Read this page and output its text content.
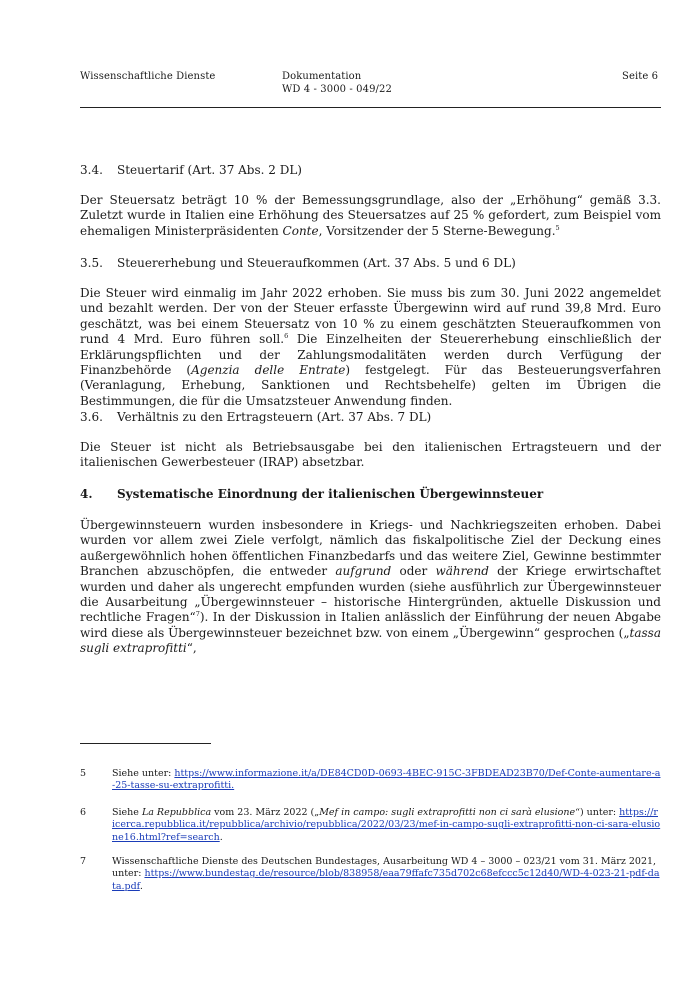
Wissenschaftliche Dienste	Dokumentation
WD 4 - 3000 - 049/22
Seite 6
3.4. Steuertarif (Art. 37 Abs. 2 DL)
Der Steuersatz beträgt 10 % der Bemessungsgrundlage, also der „Erhöhung“ gemäß 3.3. Zuletzt wurde in Italien eine Erhöhung des Steuersatzes auf 25 % gefordert, zum Beispiel vom ehemaligen Ministerpräsidenten Conte, Vorsitzender der 5 Sterne-Bewegung.$^5$
3.5. Steuererhebung und Steueraufkommen (Art. 37 Abs. 5 und 6 DL)
Die Steuer wird einmalig im Jahr 2022 erhoben. Sie muss bis zum 30. Juni 2022 angemeldet und bezahlt werden. Der von der Steuer erfasste Übergewinn wird auf rund 39,8 Mrd. Euro geschätzt, was bei einem Steuersatz von 10 % zu einem geschätzten Steueraufkommen von rund 4 Mrd. Euro führen soll.$^6$ Die Einzelheiten der Steuererhebung einschließlich der Erklärungspflichten und der Zahlungsmodalitäten werden durch Verfügung der Finanzbehörde (Agenzia delle Entrate) festgelegt. Für das Besteuerungsverfahren (Veranlagung, Erhebung, Sanktionen und Rechtsbehelfe) gelten im Übrigen die Bestimmungen, die für die Umsatzsteuer Anwendung finden.
3.6. Verhältnis zu den Ertragsteuern (Art. 37 Abs. 7 DL)
Die Steuer ist nicht als Betriebsausgabe bei den italienischen Ertragsteuern und der italienischen Gewerbesteuer (IRAP) absetzbar.
4. Systematische Einordnung der italienischen Übergewinnsteuer
Übergewinnsteuern wurden insbesondere in Kriegs- und Nachkriegszeiten erhoben. Dabei wurden vor allem zwei Ziele verfolgt, nämlich das fiskalpolitische Ziel der Deckung eines außergewöhnlich hohen öffentlichen Finanzbedarfs und das weitere Ziel, Gewinne bestimmter Branchen abzuschöpfen, die entweder aufgrund oder während der Kriege erwirtschaftet wurden und daher als ungerecht empfunden wurden (siehe ausführlich zur Übergewinnsteuer die Ausarbeitung „Übergewinnsteuer – historische Hintergründen, aktuelle Diskussion und rechtliche Fragen“$^7$). In der Diskussion in Italien anlässlich der Einführung der neuen Abgabe wird diese als Übergewinnsteuer bezeichnet bzw. von einem „Übergewinn“ gesprochen („tassa sugli extraprofitti“,
5	Siehe unter: https://www.informazione.it/a/DE84CD0D-0693-4BEC-915C-3FBDEAD23B70/Def-Conte-aumentare-a-25-tasse-su-extraprofitti.
6	Siehe La Repubblica vom 23. März 2022 („Mef in campo: sugli extraprofitti non ci sarà elusione“) unter: https://ricerca.repubblica.it/repubblica/archivio/repubblica/2022/03/23/mef-in-campo-sugli-extraprofitti-non-ci-sara-elusione16.html?ref=search.
7	Wissenschaftliche Dienste des Deutschen Bundestages, Ausarbeitung WD 4 – 3000 – 023/21 vom 31. März 2021, unter: https://www.bundestag.de/resource/blob/838958/eaa79ffafc735d702c68efccc5c12d40/WD-4-023-21-pdf-data.pdf.
